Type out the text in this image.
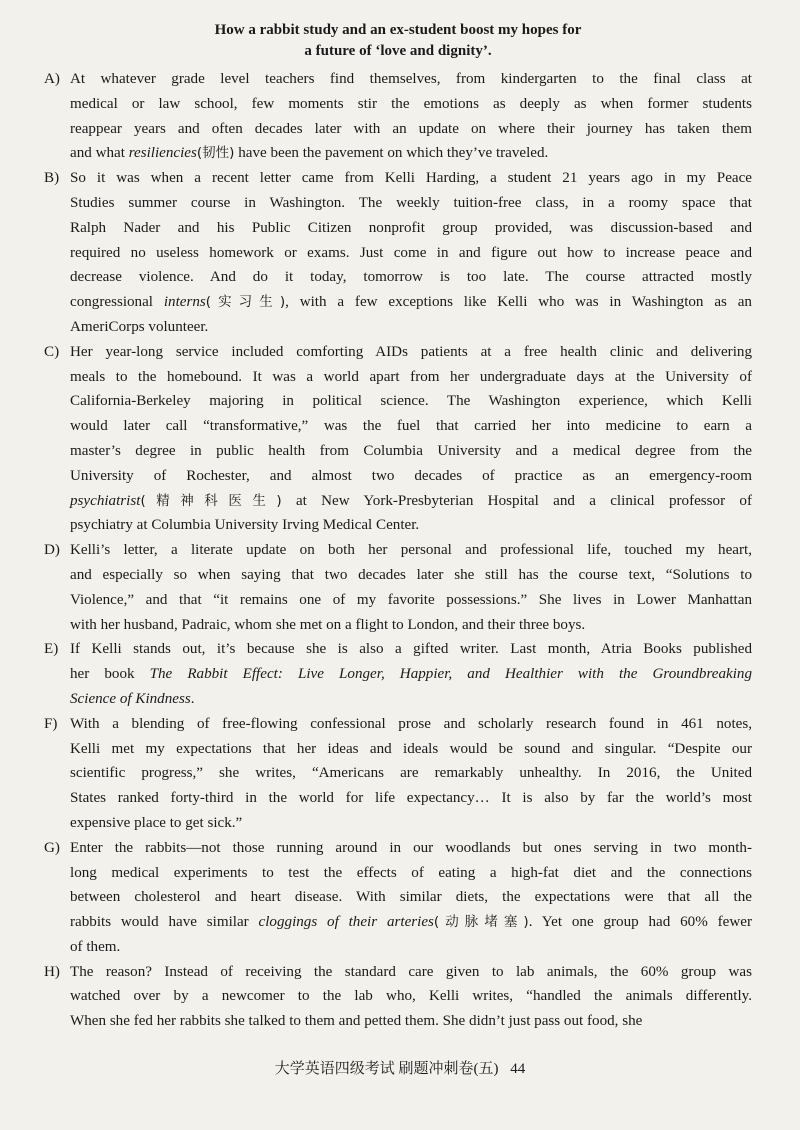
How a rabbit study and an ex-student boost my hopes for
a future of ‘love and dignity’.
A) At whatever grade level teachers find themselves, from kindergarten to the final class at
medical or law school, few moments stir the emotions as deeply as when former students
reappear years and often decades later with an update on where their journey has taken them
and what resiliencies(韧性) have been the pavement on which they’ve traveled.
B) So it was when a recent letter came from Kelli Harding, a student 21 years ago in my Peace
Studies summer course in Washington. The weekly tuition-free class, in a roomy space that
Ralph Nader and his Public Citizen nonprofit group provided, was discussion-based and
required no useless homework or exams. Just come in and figure out how to increase peace and
decrease violence. And do it today, tomorrow is too late. The course attracted mostly
congressional interns(实习生), with a few exceptions like Kelli who was in Washington as an
AmeriCorps volunteer.
C) Her year-long service included comforting AIDs patients at a free health clinic and delivering
meals to the homebound. It was a world apart from her undergraduate days at the University of
California-Berkeley majoring in political science. The Washington experience, which Kelli
would later call “transformative,” was the fuel that carried her into medicine to earn a
master’s degree in public health from Columbia University and a medical degree from the
University of Rochester, and almost two decades of practice as an emergency-room
psychiatrist(精神科医生) at New York-Presbyterian Hospital and a clinical professor of
psychiatry at Columbia University Irving Medical Center.
D) Kelli’s letter, a literate update on both her personal and professional life, touched my heart,
and especially so when saying that two decades later she still has the course text, “Solutions to
Violence,” and that “it remains one of my favorite possessions.” She lives in Lower Manhattan
with her husband, Padraic, whom she met on a flight to London, and their three boys.
E) If Kelli stands out, it’s because she is also a gifted writer. Last month, Atria Books published
her book The Rabbit Effect: Live Longer, Happier, and Healthier with the Groundbreaking
Science of Kindness.
F) With a blending of free-flowing confessional prose and scholarly research found in 461 notes,
Kelli met my expectations that her ideas and ideals would be sound and singular. “Despite our
scientific progress,” she writes, “Americans are remarkably unhealthy. In 2016, the United
States ranked forty-third in the world for life expectancy… It is also by far the world’s most
expensive place to get sick.”
G) Enter the rabbits—not those running around in our woodlands but ones serving in two month-
long medical experiments to test the effects of eating a high-fat diet and the connections
between cholesterol and heart disease. With similar diets, the expectations were that all the
rabbits would have similar cloggings of their arteries(动脉堵塞). Yet one group had 60% fewer
of them.
H) The reason? Instead of receiving the standard care given to lab animals, the 60% group was
watched over by a newcomer to the lab who, Kelli writes, “handled the animals differently.
When she fed her rabbits she talked to them and petted them. She didn’t just pass out food, she
大学英语四级考试 刷题冲刺卷(五) 44
